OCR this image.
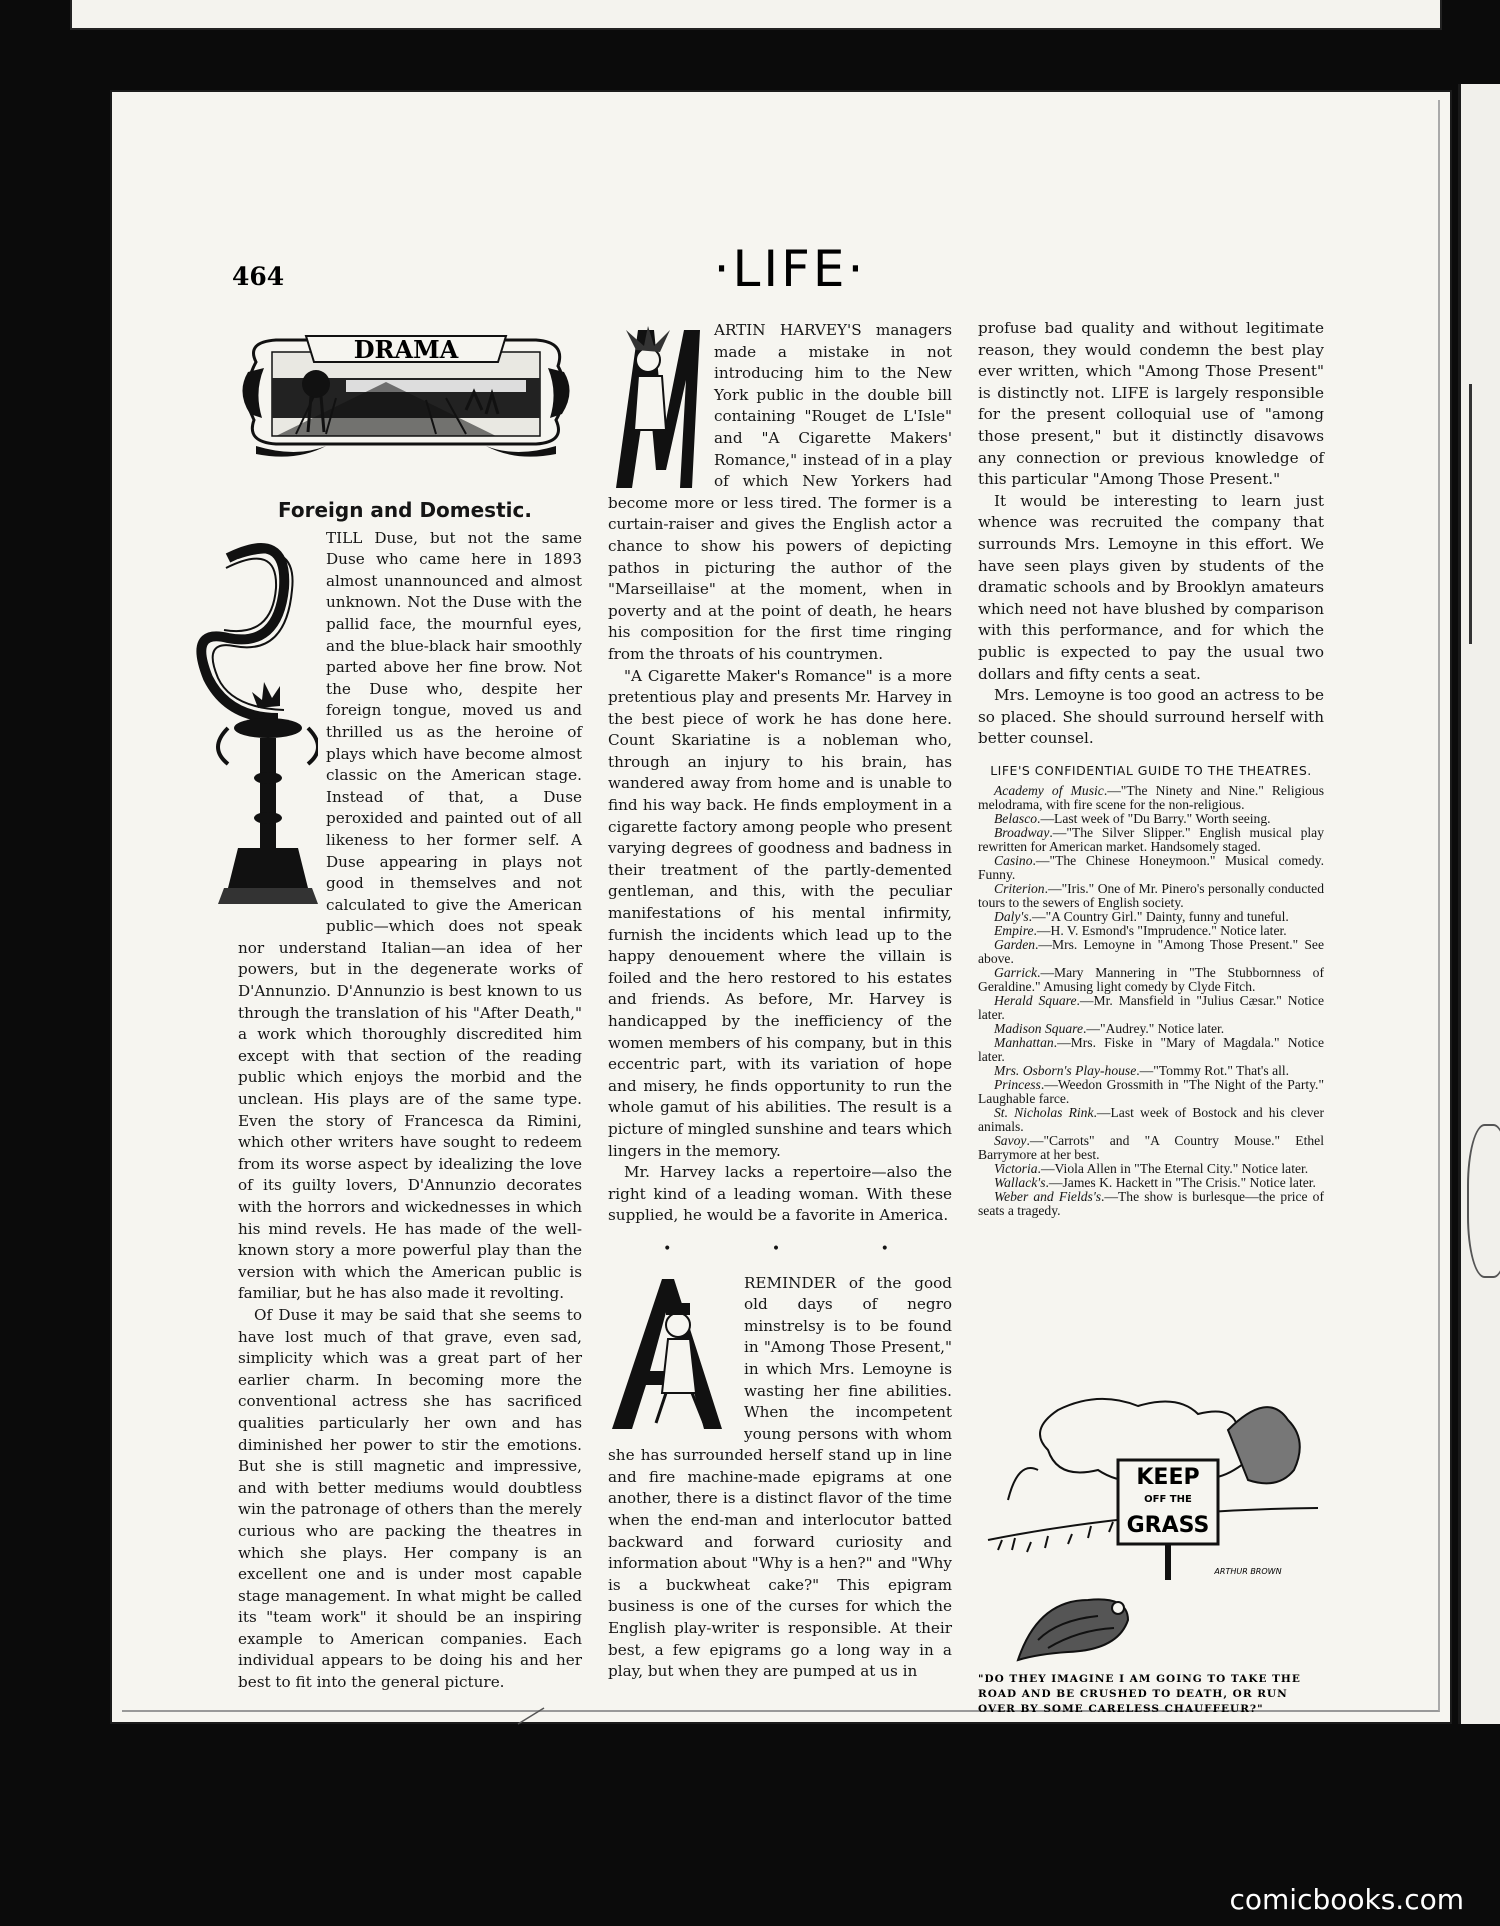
464	·LIFE·
DRAMA
Foreign and Domestic.

TILL Duse, but not the same Duse who came here in 1893 almost unannounced and almost unknown. Not the Duse with the pallid face, the mournful eyes, and the blue-black hair smoothly parted above her fine brow. Not the Duse who, despite her foreign tongue, moved us and thrilled us as the heroine of plays which have become almost classic on the American stage. Instead of that, a Duse peroxided and painted out of all likeness to her former self. A Duse appearing in plays not good in themselves and not calculated to give the American public—which does not speak nor understand Italian—an idea of her powers, but in the degenerate works of D'Annunzio. D'Annunzio is best known to us through the translation of his "After Death," a work which thoroughly discredited him except with that section of the reading public which enjoys the morbid and the unclean. His plays are of the same type. Even the story of Francesca da Rimini, which other writers have sought to redeem from its worse aspect by idealizing the love of its guilty lovers, D'Annunzio decorates with the horrors and wickednesses in which his mind revels. He has made of the well-known story a more powerful play than the version with which the American public is familiar, but he has also made it revolting.

Of Duse it may be said that she seems to have lost much of that grave, even sad, simplicity which was a great part of her earlier charm. In becoming more the conventional actress she has sacrificed qualities particularly her own and has diminished her power to stir the emotions. But she is still magnetic and impressive, and with better mediums would doubtless win the patronage of others than the merely curious who are packing the theatres in which she plays. Her company is an excellent one and is under most capable stage management. In what might be called its "team work" it should be an inspiring example to American companies. Each individual appears to be doing his and her best to fit into the general picture.

ARTIN HARVEY'S managers made a mistake in not introducing him to the New York public in the double bill containing "Rouget de L'Isle" and "A Cigarette Makers' Romance," instead of in a play of which New Yorkers had become more or less tired. The former is a curtain-raiser and gives the English actor a chance to show his powers of depicting pathos in picturing the author of the "Marseillaise" at the moment, when in poverty and at the point of death, he hears his composition for the first time ringing from the throats of his countrymen.

"A Cigarette Maker's Romance" is a more pretentious play and presents Mr. Harvey in the best piece of work he has done here. Count Skariatine is a nobleman who, through an injury to his brain, has wandered away from home and is unable to find his way back. He finds employment in a cigarette factory among people who present varying degrees of goodness and badness in their treatment of the partly-demented gentleman, and this, with the peculiar manifestations of his mental infirmity, furnish the incidents which lead up to the happy denouement where the villain is foiled and the hero restored to his estates and friends. As before, Mr. Harvey is handicapped by the inefficiency of the women members of his company, but in this eccentric part, with its variation of hope and misery, he finds opportunity to run the whole gamut of his abilities. The result is a picture of mingled sunshine and tears which lingers in the memory.

Mr. Harvey lacks a repertoire—also the right kind of a leading woman. With these supplied, he would be a favorite in America.

• • •

REMINDER of the good old days of negro minstrelsy is to be found in "Among Those Present," in which Mrs. Lemoyne is wasting her fine abilities. When the incompetent young persons with whom she has surrounded herself stand up in line and fire machine-made epigrams at one another, there is a distinct flavor of the time when the end-man and interlocutor batted backward and forward curiosity and information about "Why is a hen?" and "Why is a buckwheat cake?" This epigram business is one of the curses for which the English play-writer is responsible. At their best, a few epigrams go a long way in a play, but when they are pumped at us in

profuse bad quality and without legitimate reason, they would condemn the best play ever written, which "Among Those Present" is distinctly not. LIFE is largely responsible for the present colloquial use of "among those present," but it distinctly disavows any connection or previous knowledge of this particular "Among Those Present."

It would be interesting to learn just whence was recruited the company that surrounds Mrs. Lemoyne in this effort. We have seen plays given by students of the dramatic schools and by Brooklyn amateurs which need not have blushed by comparison with this performance, and for which the public is expected to pay the usual two dollars and fifty cents a seat.

Mrs. Lemoyne is too good an actress to be so placed. She should surround herself with better counsel.

LIFE'S CONFIDENTIAL GUIDE TO THE THEATRES.
Academy of Music.—"The Ninety and Nine." Religious melodrama, with fire scene for the non-religious.
Belasco.—Last week of "Du Barry." Worth seeing.
Broadway.—"The Silver Slipper." English musical play rewritten for American market. Handsomely staged.
Casino.—"The Chinese Honeymoon." Musical comedy. Funny.
Criterion.—"Iris." One of Mr. Pinero's personally conducted tours to the sewers of English society.
Daly's.—"A Country Girl." Dainty, funny and tuneful.
Empire.—H. V. Esmond's "Imprudence." Notice later.
Garden.—Mrs. Lemoyne in "Among Those Present." See above.
Garrick.—Mary Mannering in "The Stubbornness of Geraldine." Amusing light comedy by Clyde Fitch.
Herald Square.—Mr. Mansfield in "Julius Cæsar." Notice later.
Madison Square.—"Audrey." Notice later.
Manhattan.—Mrs. Fiske in "Mary of Magdala." Notice later.
Mrs. Osborn's Play-house.—"Tommy Rot." That's all.
Princess.—Weedon Grossmith in "The Night of the Party." Laughable farce.
St. Nicholas Rink.—Last week of Bostock and his clever animals.
Savoy.—"Carrots" and "A Country Mouse." Ethel Barrymore at her best.
Victoria.—Viola Allen in "The Eternal City." Notice later.
Wallack's.—James K. Hackett in "The Crisis." Notice later.
Weber and Fields's.—The show is burlesque—the price of seats a tragedy.
KEEP
OFF THE
GRASS
ARTHUR BROWN
"DO THEY IMAGINE I AM GOING TO TAKE THE ROAD AND BE CRUSHED TO DEATH, OR RUN OVER BY SOME CARELESS CHAUFFEUR?"
comicbooks.com
